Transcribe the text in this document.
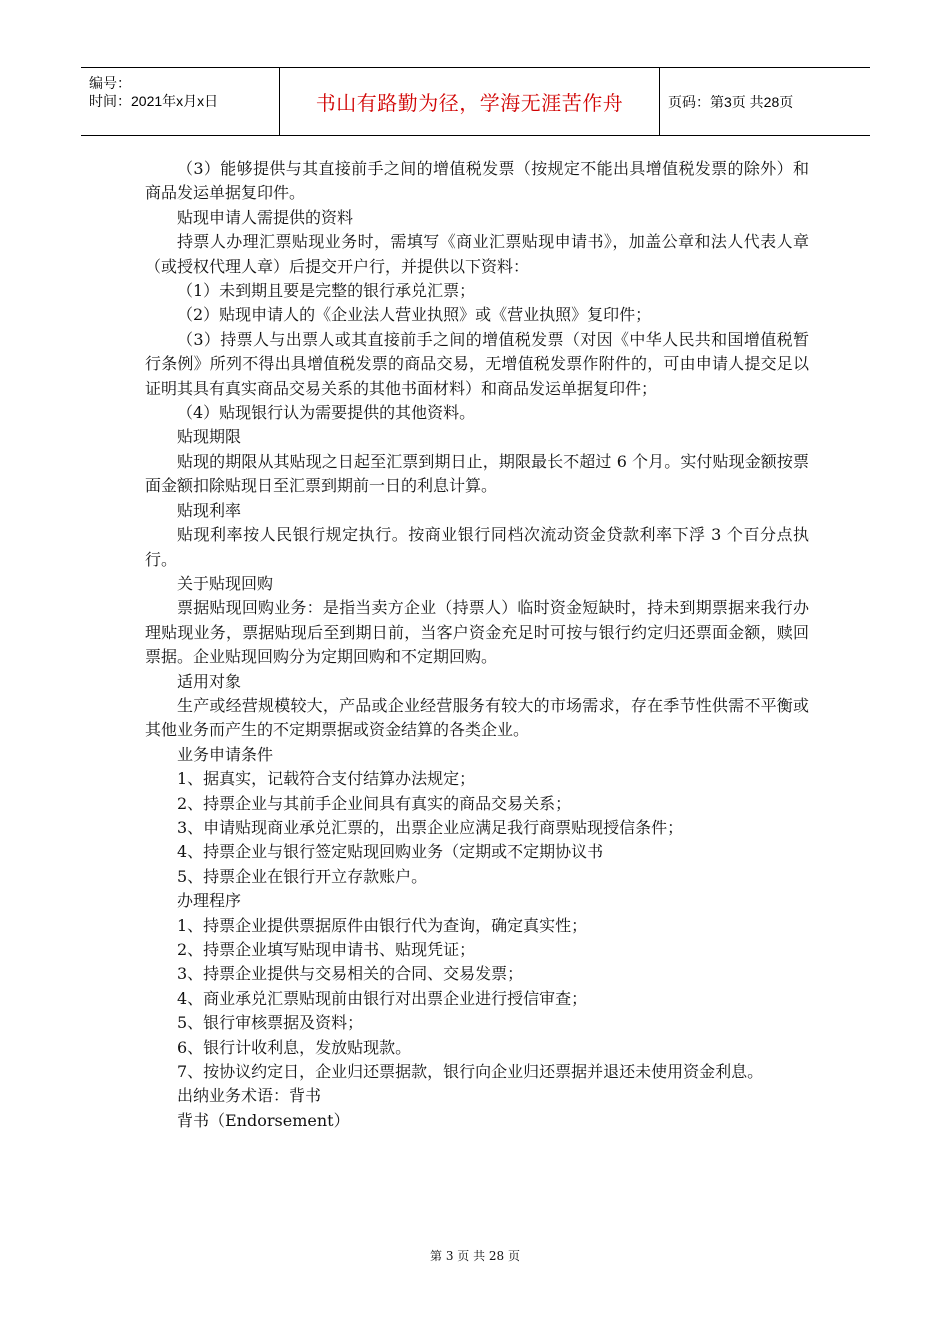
编号：
时间：2021年x月x日	书山有路勤为径，学海无涯苦作舟	页码：第3页 共28页

（3）能够提供与其直接前手之间的增值税发票（按规定不能出具增值税发票的除外）和商品发运单据复印件。

贴现申请人需提供的资料

持票人办理汇票贴现业务时，需填写《商业汇票贴现申请书》，加盖公章和法人代表人章（或授权代理人章）后提交开户行，并提供以下资料：

（1）未到期且要是完整的银行承兑汇票；

（2）贴现申请人的《企业法人营业执照》或《营业执照》复印件；

（3）持票人与出票人或其直接前手之间的增值税发票（对因《中华人民共和国增值税暂行条例》所列不得出具增值税发票的商品交易，无增值税发票作附件的，可由申请人提交足以证明其具有真实商品交易关系的其他书面材料）和商品发运单据复印件；

（4）贴现银行认为需要提供的其他资料。

贴现期限

贴现的期限从其贴现之日起至汇票到期日止，期限最长不超过 6 个月。实付贴现金额按票面金额扣除贴现日至汇票到期前一日的利息计算。

贴现利率

贴现利率按人民银行规定执行。按商业银行同档次流动资金贷款利率下浮 3 个百分点执行。

关于贴现回购

票据贴现回购业务：是指当卖方企业（持票人）临时资金短缺时，持未到期票据来我行办理贴现业务，票据贴现后至到期日前，当客户资金充足时可按与银行约定归还票面金额，赎回票据。企业贴现回购分为定期回购和不定期回购。

适用对象

生产或经营规模较大，产品或企业经营服务有较大的市场需求，存在季节性供需不平衡或其他业务而产生的不定期票据或资金结算的各类企业。

业务申请条件

1、据真实，记载符合支付结算办法规定；

2、持票企业与其前手企业间具有真实的商品交易关系；

3、申请贴现商业承兑汇票的，出票企业应满足我行商票贴现授信条件；

4、持票企业与银行签定贴现回购业务（定期或不定期协议书

5、持票企业在银行开立存款账户。

办理程序

1、持票企业提供票据原件由银行代为查询，确定真实性；

2、持票企业填写贴现申请书、贴现凭证；

3、持票企业提供与交易相关的合同、交易发票；

4、商业承兑汇票贴现前由银行对出票企业进行授信审查；

5、银行审核票据及资料；

6、银行计收利息，发放贴现款。

7、按协议约定日，企业归还票据款，银行向企业归还票据并退还未使用资金利息。

出纳业务术语：背书

背书（Endorsement）

第 3 页 共 28 页
